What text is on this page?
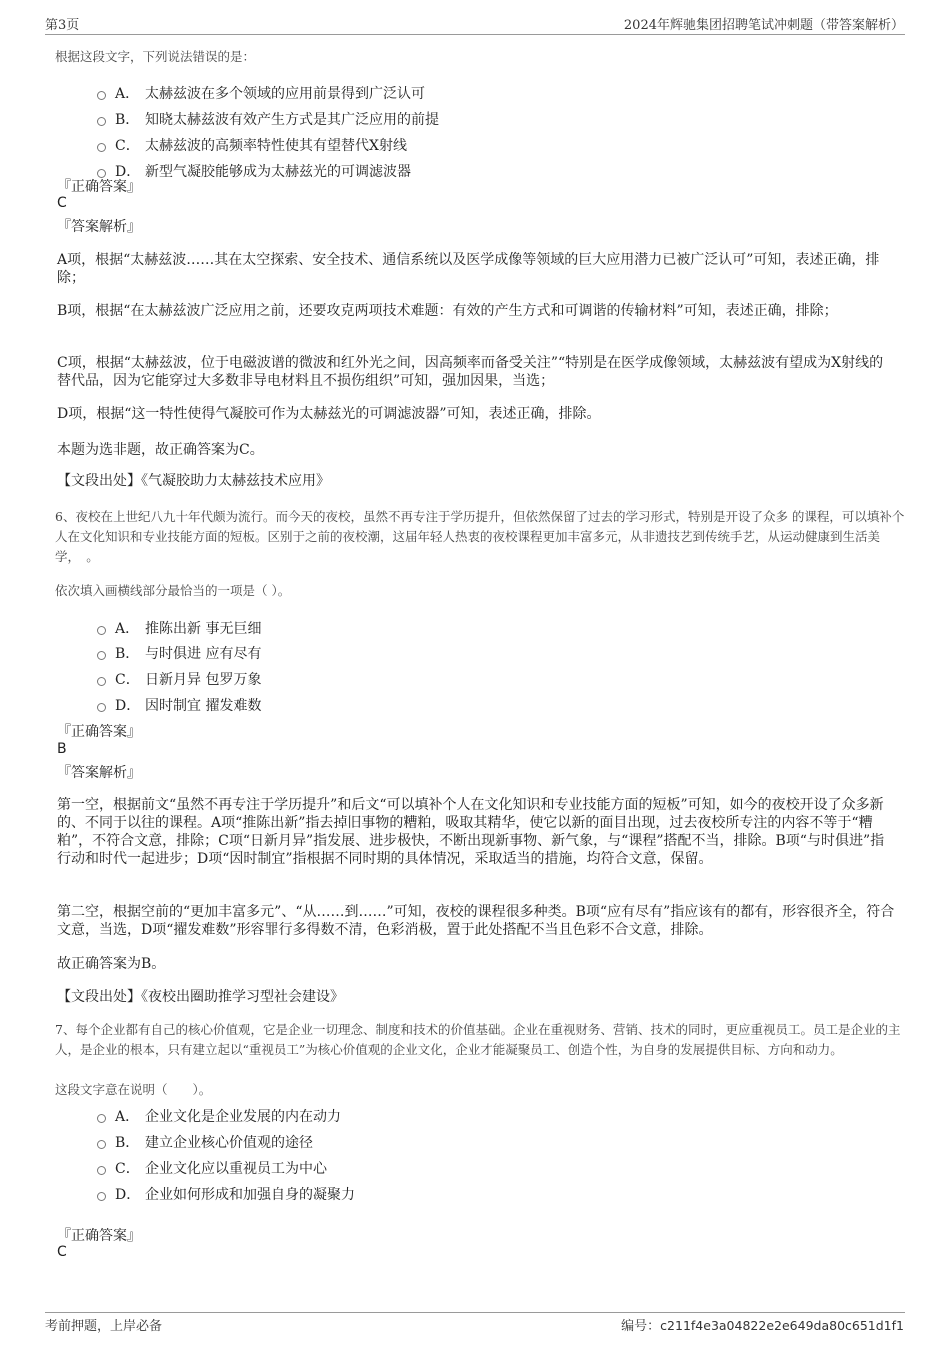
第3页	2024年辉驰集团招聘笔试冲刺题（带答案解析）
根据这段文字，下列说法错误的是：
A． 太赫兹波在多个领域的应用前景得到广泛认可
B． 知晓太赫兹波有效产生方式是其广泛应用的前提
C． 太赫兹波的高频率特性使其有望替代X射线
D． 新型气凝胶能够成为太赫兹光的可调滤波器
『正确答案』
C
『答案解析』
A项，根据“太赫兹波……其在太空探索、安全技术、通信系统以及医学成像等领域的巨大应用潜力已被广泛认可”可知，表述正确，排除；
B项，根据“在太赫兹波广泛应用之前，还要攻克两项技术难题：有效的产生方式和可调谐的传输材料”可知，表述正确，排除；
C项，根据“太赫兹波，位于电磁波谱的微波和红外光之间，因高频率而备受关注”“特别是在医学成像领域，太赫兹波有望成为X射线的替代品，因为它能穿过大多数非导电材料且不损伤组织”可知，强加因果，当选；
D项，根据“这一特性使得气凝胶可作为太赫兹光的可调滤波器”可知，表述正确，排除。
本题为选非题，故正确答案为C。
【文段出处】《气凝胶助力太赫兹技术应用》
6、夜校在上世纪八九十年代颇为流行。而今天的夜校，虽然不再专注于学历提升，但依然保留了过去的学习形式，特别是开设了众多 的课程，可以填补个人在文化知识和专业技能方面的短板。区别于之前的夜校潮，这届年轻人热衷的夜校课程更加丰富多元，从非遗技艺到传统手艺，从运动健康到生活美学，　。
依次填入画横线部分最恰当的一项是（ ）。
A． 推陈出新 事无巨细
B． 与时俱进 应有尽有
C． 日新月异 包罗万象
D． 因时制宜 擢发难数
『正确答案』
B
『答案解析』
第一空，根据前文“虽然不再专注于学历提升”和后文“可以填补个人在文化知识和专业技能方面的短板”可知，如今的夜校开设了众多新的、不同于以往的课程。A项“推陈出新”指去掉旧事物的糟粕，吸取其精华，使它以新的面目出现，过去夜校所专注的内容不等于“糟粕”，不符合文意，排除；C项“日新月异”指发展、进步极快，不断出现新事物、新气象，与“课程”搭配不当，排除。B项“与时俱进”指行动和时代一起进步；D项“因时制宜”指根据不同时期的具体情况，采取适当的措施，均符合文意，保留。
第二空，根据空前的“更加丰富多元”、“从……到……”可知，夜校的课程很多种类。B项“应有尽有”指应该有的都有，形容很齐全，符合文意，当选，D项“擢发难数”形容罪行多得数不清，色彩消极，置于此处搭配不当且色彩不合文意，排除。
故正确答案为B。
【文段出处】《夜校出圈助推学习型社会建设》
7、每个企业都有自己的核心价值观，它是企业一切理念、制度和技术的价值基础。企业在重视财务、营销、技术的同时，更应重视员工。员工是企业的主人，是企业的根本，只有建立起以“重视员工”为核心价值观的企业文化，企业才能凝聚员工、创造个性，为自身的发展提供目标、方向和动力。
这段文字意在说明（　　）。
A． 企业文化是企业发展的内在动力
B． 建立企业核心价值观的途径
C． 企业文化应以重视员工为中心
D． 企业如何形成和加强自身的凝聚力
『正确答案』
C
考前押题，上岸必备	编号：c211f4e3a04822e2e649da80c651d1f1
